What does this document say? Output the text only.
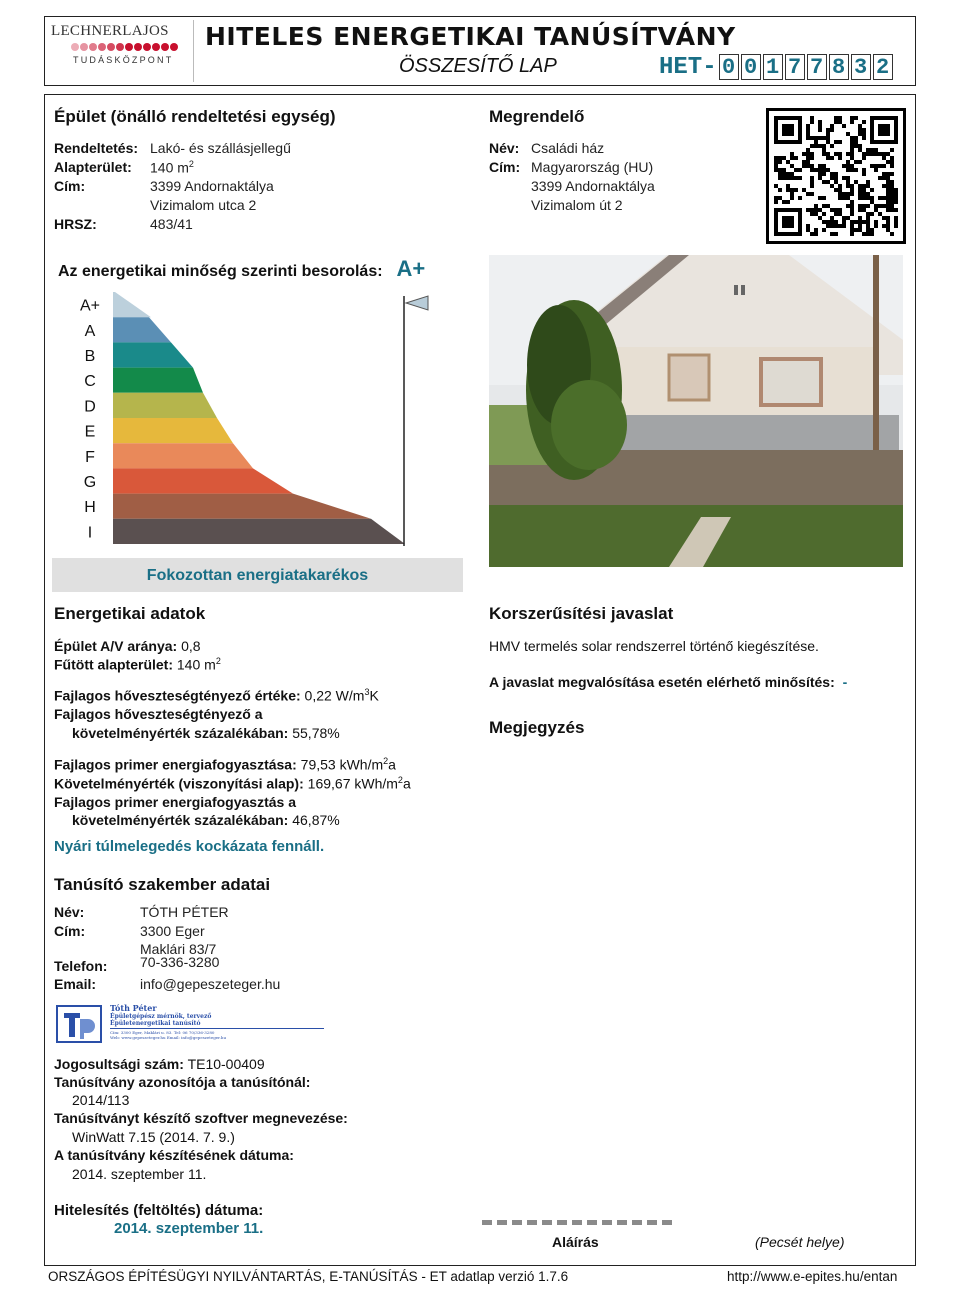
LECHNERLAJOS
TUDÁSKÖZPONT
HITELES ENERGETIKAI TANÚSÍTVÁNY
ÖSSZESÍTŐ LAP	HET- 0 0 1 7 7 8 3 2
Épület (önálló rendeltetési egység)
Rendeltetés: Lakó- és szállásjellegű
Alapterület: 140 $m^2$
Cím:	3399 Andornaktálya
Vizimalom utca 2
HRSZ:	483/41
Megrendelő
Név: Családi ház
Cím: Magyarország (HU)
3399 Andornaktálya
Vizimalom út 2
Az energetikai minőség szerinti besorolás: A+
A+
A
B
C
D
E
F
G
H
I
Fokozottan energiatakarékos
Energetikai adatok
Épület A/V aránya: 0,8
Fűtött alapterület: 140 $m^2$
Fajlagos hőveszteségtényező értéke: 0,22 $W/m^3K$
Fajlagos hőveszteségtényező a
követelményérték százalékában: 55,78%
Fajlagos primer energiafogyasztása: 79,53 kWh/$m^2a$
Követelményérték (viszonyítási alap): 169,67 kWh/$m^2a$
Fajlagos primer energiafogyasztás a
követelményérték százalékában: 46,87%
Nyári túlmelegedés kockázata fennáll.
Tanúsító szakember adatai
Név:	TÓTH PÉTER
Cím:	3300 Eger
Maklári 83/7
Telefon: 70-336-3280
Email:	info@gepeszeteger.hu
Tóth Péter
Épületgépész mérnök, tervező
Épületenergetikai tanúsító
Cím: 3300 Eger, Maklári u. 83. Tel: 06 70/336-3280
Web: www.gepeszeteger.hu Email: info@gepeszeteger.hu
Jogosultsági szám: TE10-00409
Tanúsítvány azonosítója a tanúsítónál:
2014/113
Tanúsítványt készítő szoftver megnevezése:
WinWatt 7.15 (2014. 7. 9.)
A tanúsítvány készítésének dátuma:
2014. szeptember 11.
Hitelesítés (feltöltés) dátuma:
2014. szeptember 11.
Korszerűsítési javaslat
HMV termelés solar rendszerrel történő kiegészítése.
A javaslat megvalósítása esetén elérhető minősítés: -
Megjegyzés
Aláírás	(Pecsét helye)
ORSZÁGOS ÉPÍTÉSÜGYI NYILVÁNTARTÁS, E-TANÚSÍTÁS - ET adatlap verzió 1.7.6	http://www.e-epites.hu/entan
